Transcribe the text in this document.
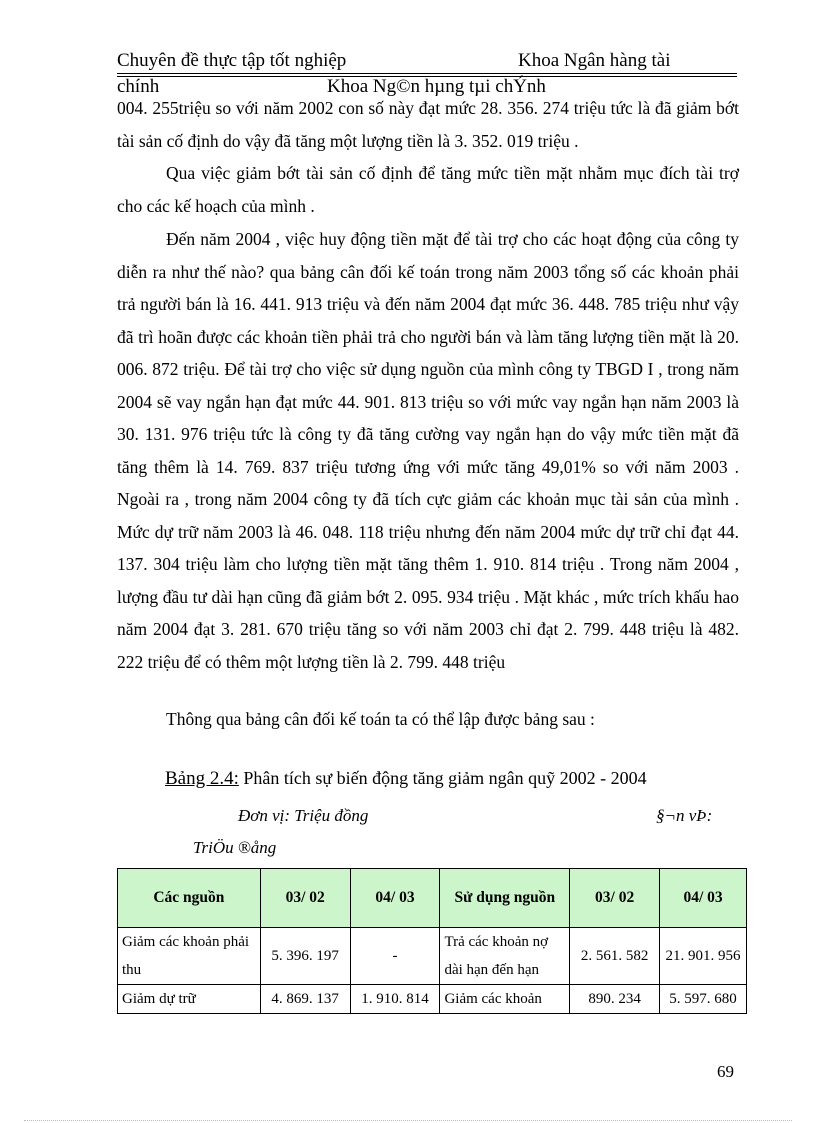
Chuyên đề thực tập tốt nghiệp	Khoa Ngân hàng tài
chính	Khoa Ng©n hµng tµi chÝnh

004. 255triệu so với năm 2002 con số này đạt mức 28. 356. 274 triệu tức là đã giảm bớt tài sản cố định do vậy đã tăng một lượng tiền là 3. 352. 019 triệu .

Qua việc giảm bớt tài sản cố định để tăng mức tiền mặt nhằm mục đích tài trợ cho các kế hoạch của mình .

Đến năm 2004 , việc huy động tiền mặt để tài trợ cho các hoạt động của công ty diễn ra như thế nào? qua bảng cân đối kế toán trong năm 2003 tổng số các khoản phải trả người bán là 16. 441. 913 triệu và đến năm 2004 đạt mức 36. 448. 785 triệu như vậy đã trì hoãn được các khoản tiền phải trả cho người bán và làm tăng lượng tiền mặt là 20. 006. 872 triệu. Để tài trợ cho việc sử dụng nguồn của mình công ty TBGD I , trong năm 2004 sẽ vay ngắn hạn đạt mức 44. 901. 813 triệu so với mức vay ngắn hạn năm 2003 là 30. 131. 976 triệu tức là công ty đã tăng cường vay ngắn hạn do vậy mức tiền mặt đã tăng thêm là 14. 769. 837 triệu tương ứng với mức tăng 49,01% so với năm 2003 . Ngoài ra , trong năm 2004 công ty đã tích cực giảm các khoản mục tài sản của mình . Mức dự trữ năm 2003 là 46. 048. 118 triệu nhưng đến năm 2004 mức dự trữ chỉ đạt 44. 137. 304 triệu làm cho lượng tiền mặt tăng thêm 1. 910. 814 triệu . Trong năm 2004 , lượng đầu tư dài hạn cũng đã giảm bớt 2. 095. 934 triệu . Mặt khác , mức trích khấu hao năm 2004 đạt 3. 281. 670 triệu tăng so với năm 2003 chỉ đạt 2. 799. 448 triệu là 482. 222 triệu để có thêm một lượng tiền là 2. 799. 448 triệu

Thông qua bảng cân đối kế toán ta có thể lập được bảng sau :

Bảng 2.4: Phân tích sự biến động tăng giảm ngân quỹ 2002 - 2004
Đơn vị: Triệu đồng	§¬n vÞ:
TriÖu ®ång
Các nguồn	03/ 02	04/ 03	Sử dụng nguồn	03/ 02	04/ 03
Giảm các khoản phải thu	5. 396. 197	-	Trả các khoản nợ dài hạn đến hạn	2. 561. 582	21. 901. 956
Giảm dự trữ	4. 869. 137	1. 910. 814	Giảm các khoản	890. 234	5. 597. 680
69
